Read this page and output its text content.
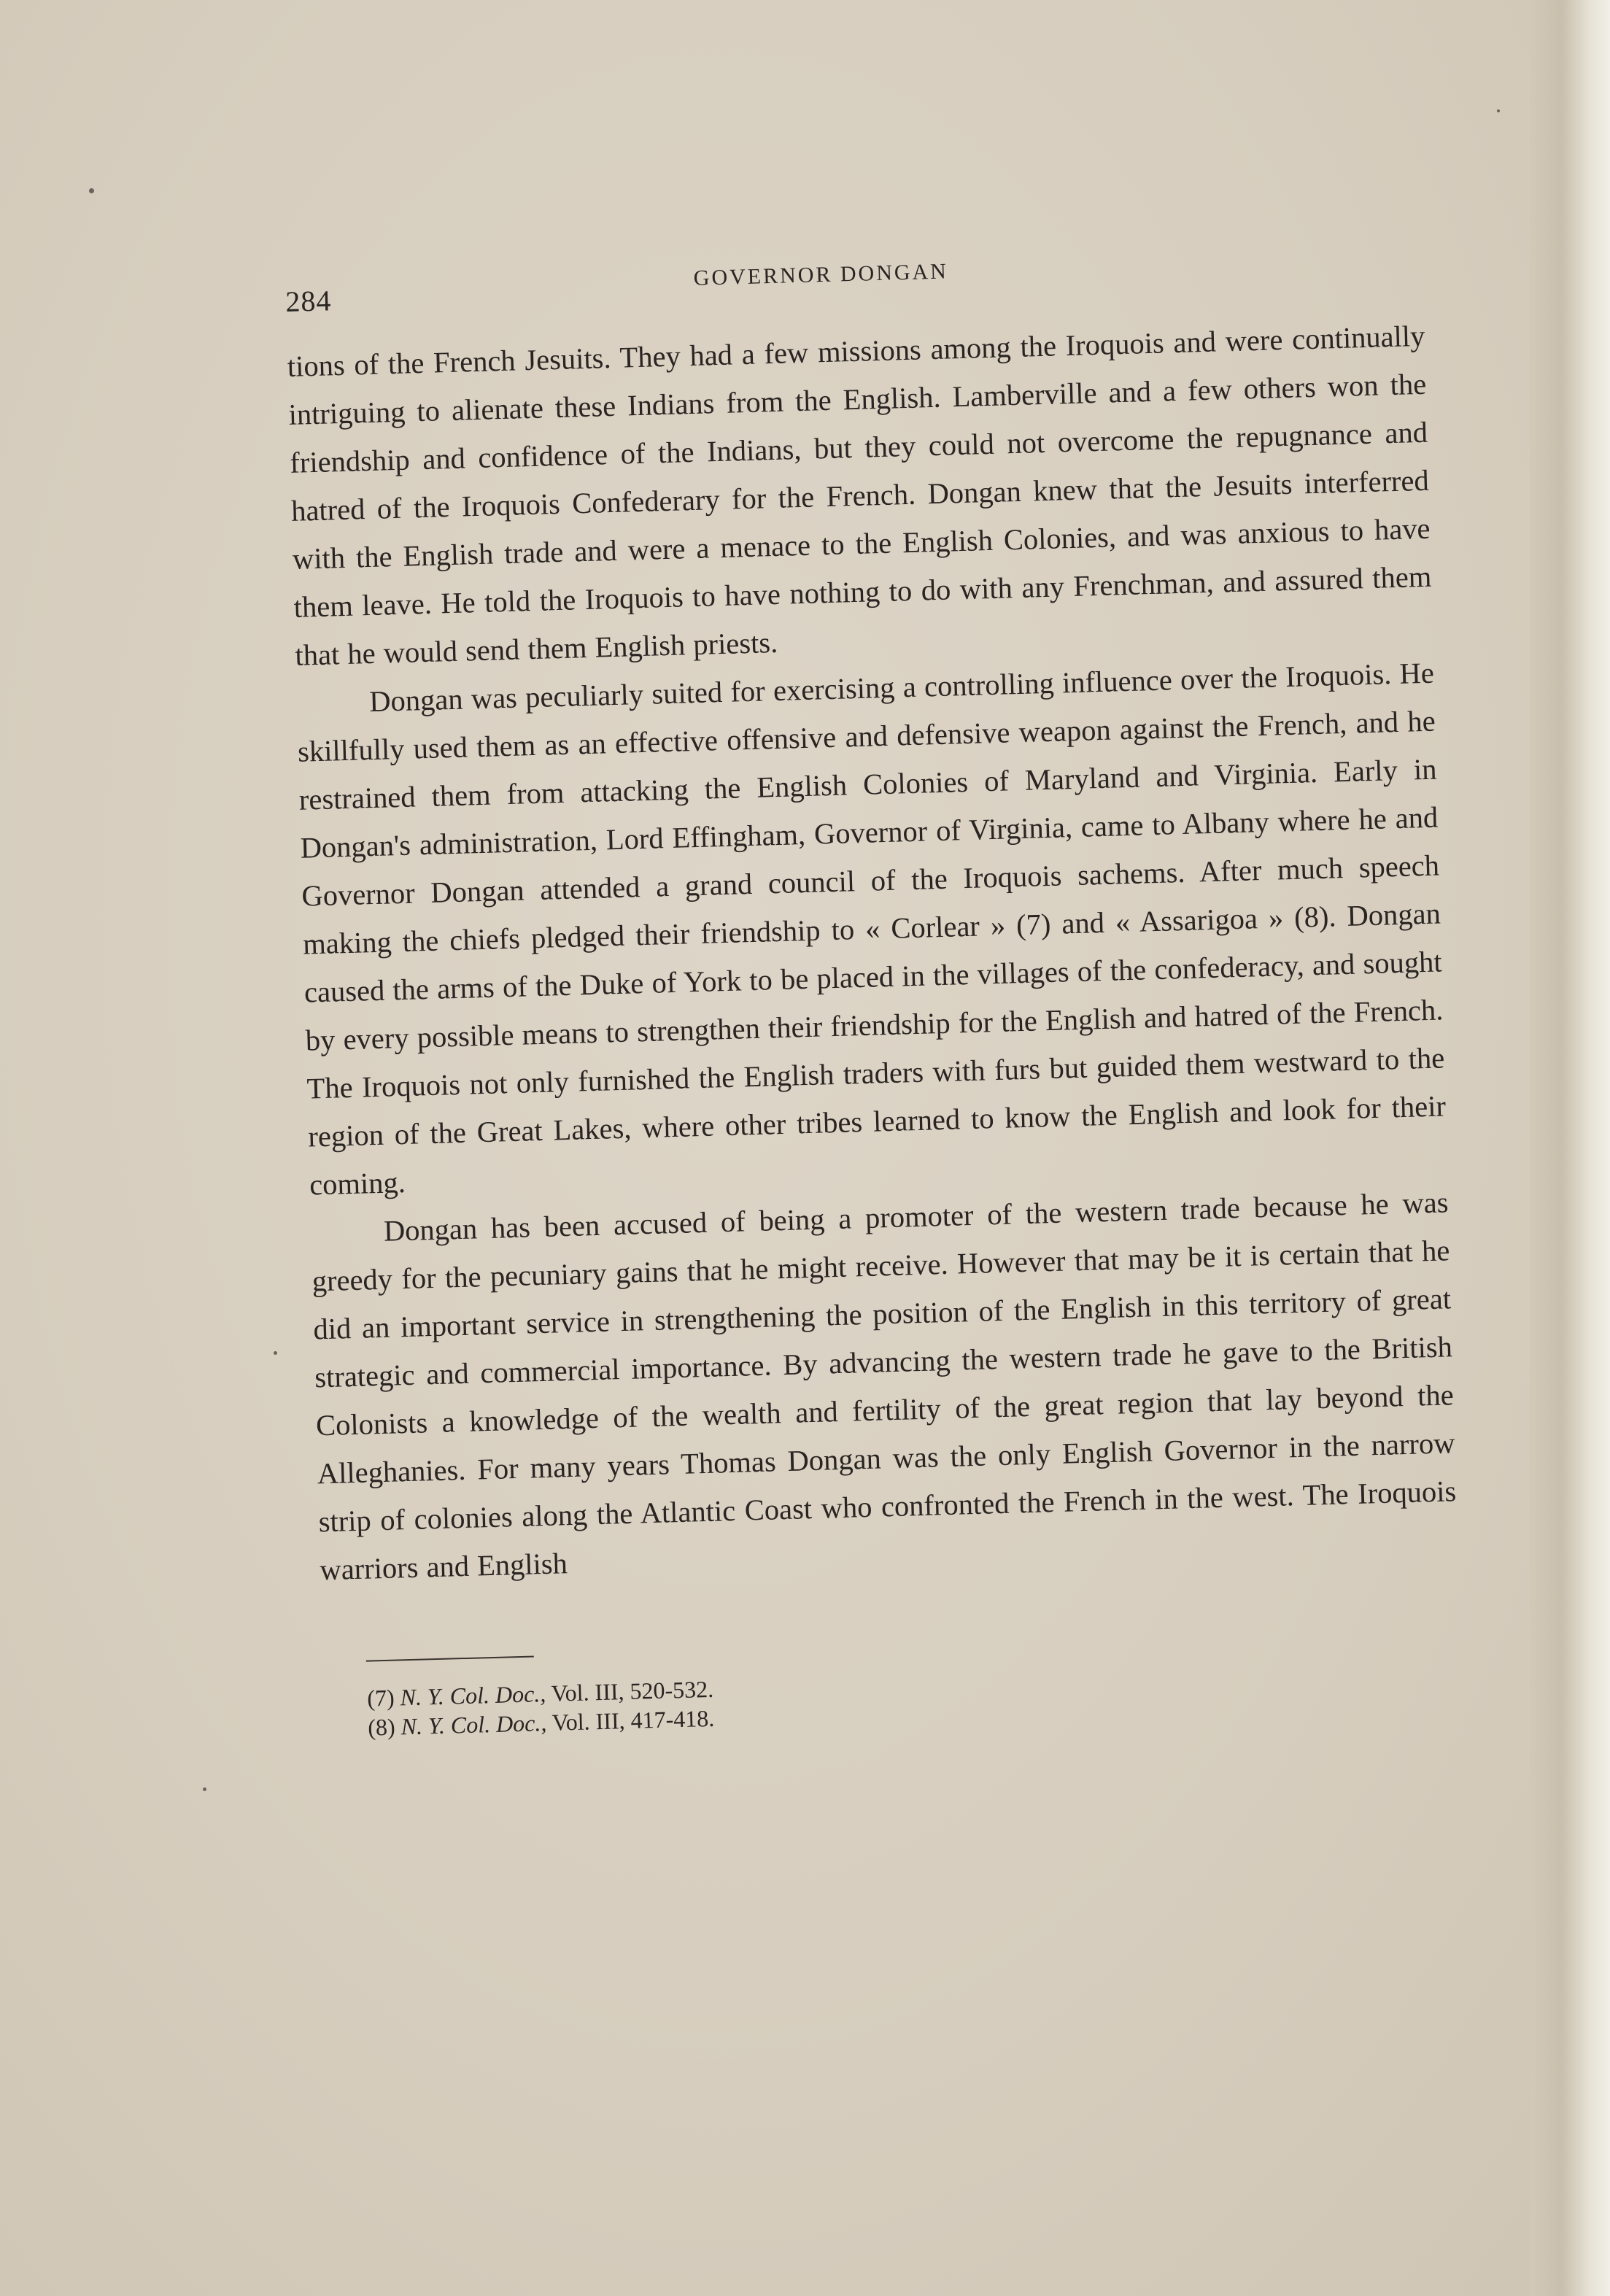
284
GOVERNOR DONGAN

tions of the French Jesuits. They had a few missions among the Iroquois and were continually intriguing to alienate these Indians from the English. Lamberville and a few others won the friendship and confidence of the Indians, but they could not overcome the repugnance and hatred of the Iroquois Confederary for the French. Dongan knew that the Jesuits interferred with the English trade and were a menace to the English Colonies, and was anxious to have them leave. He told the Iroquois to have nothing to do with any Frenchman, and assured them that he would send them English priests.

Dongan was peculiarly suited for exercising a controlling influence over the Iroquois. He skillfully used them as an effective offensive and defensive weapon against the French, and he restrained them from attacking the English Colonies of Maryland and Virginia. Early in Dongan's administration, Lord Effingham, Governor of Virginia, came to Albany where he and Governor Dongan attended a grand council of the Iroquois sachems. After much speech making the chiefs pledged their friendship to « Corlear » (7) and « Assarigoa » (8). Dongan caused the arms of the Duke of York to be placed in the villages of the confederacy, and sought by every possible means to strengthen their friendship for the English and hatred of the French. The Iroquois not only furnished the English traders with furs but guided them westward to the region of the Great Lakes, where other tribes learned to know the English and look for their coming.

Dongan has been accused of being a promoter of the western trade because he was greedy for the pecuniary gains that he might receive. However that may be it is certain that he did an important service in strengthening the position of the English in this territory of great strategic and commercial importance. By advancing the western trade he gave to the British Colonists a knowledge of the wealth and fertility of the great region that lay beyond the Alleghanies. For many years Thomas Dongan was the only English Governor in the narrow strip of colonies along the Atlantic Coast who confronted the French in the west. The Iroquois warriors and English

(7) N. Y. Col. Doc., Vol. III, 520-532.

(8) N. Y. Col. Doc., Vol. III, 417-418.
